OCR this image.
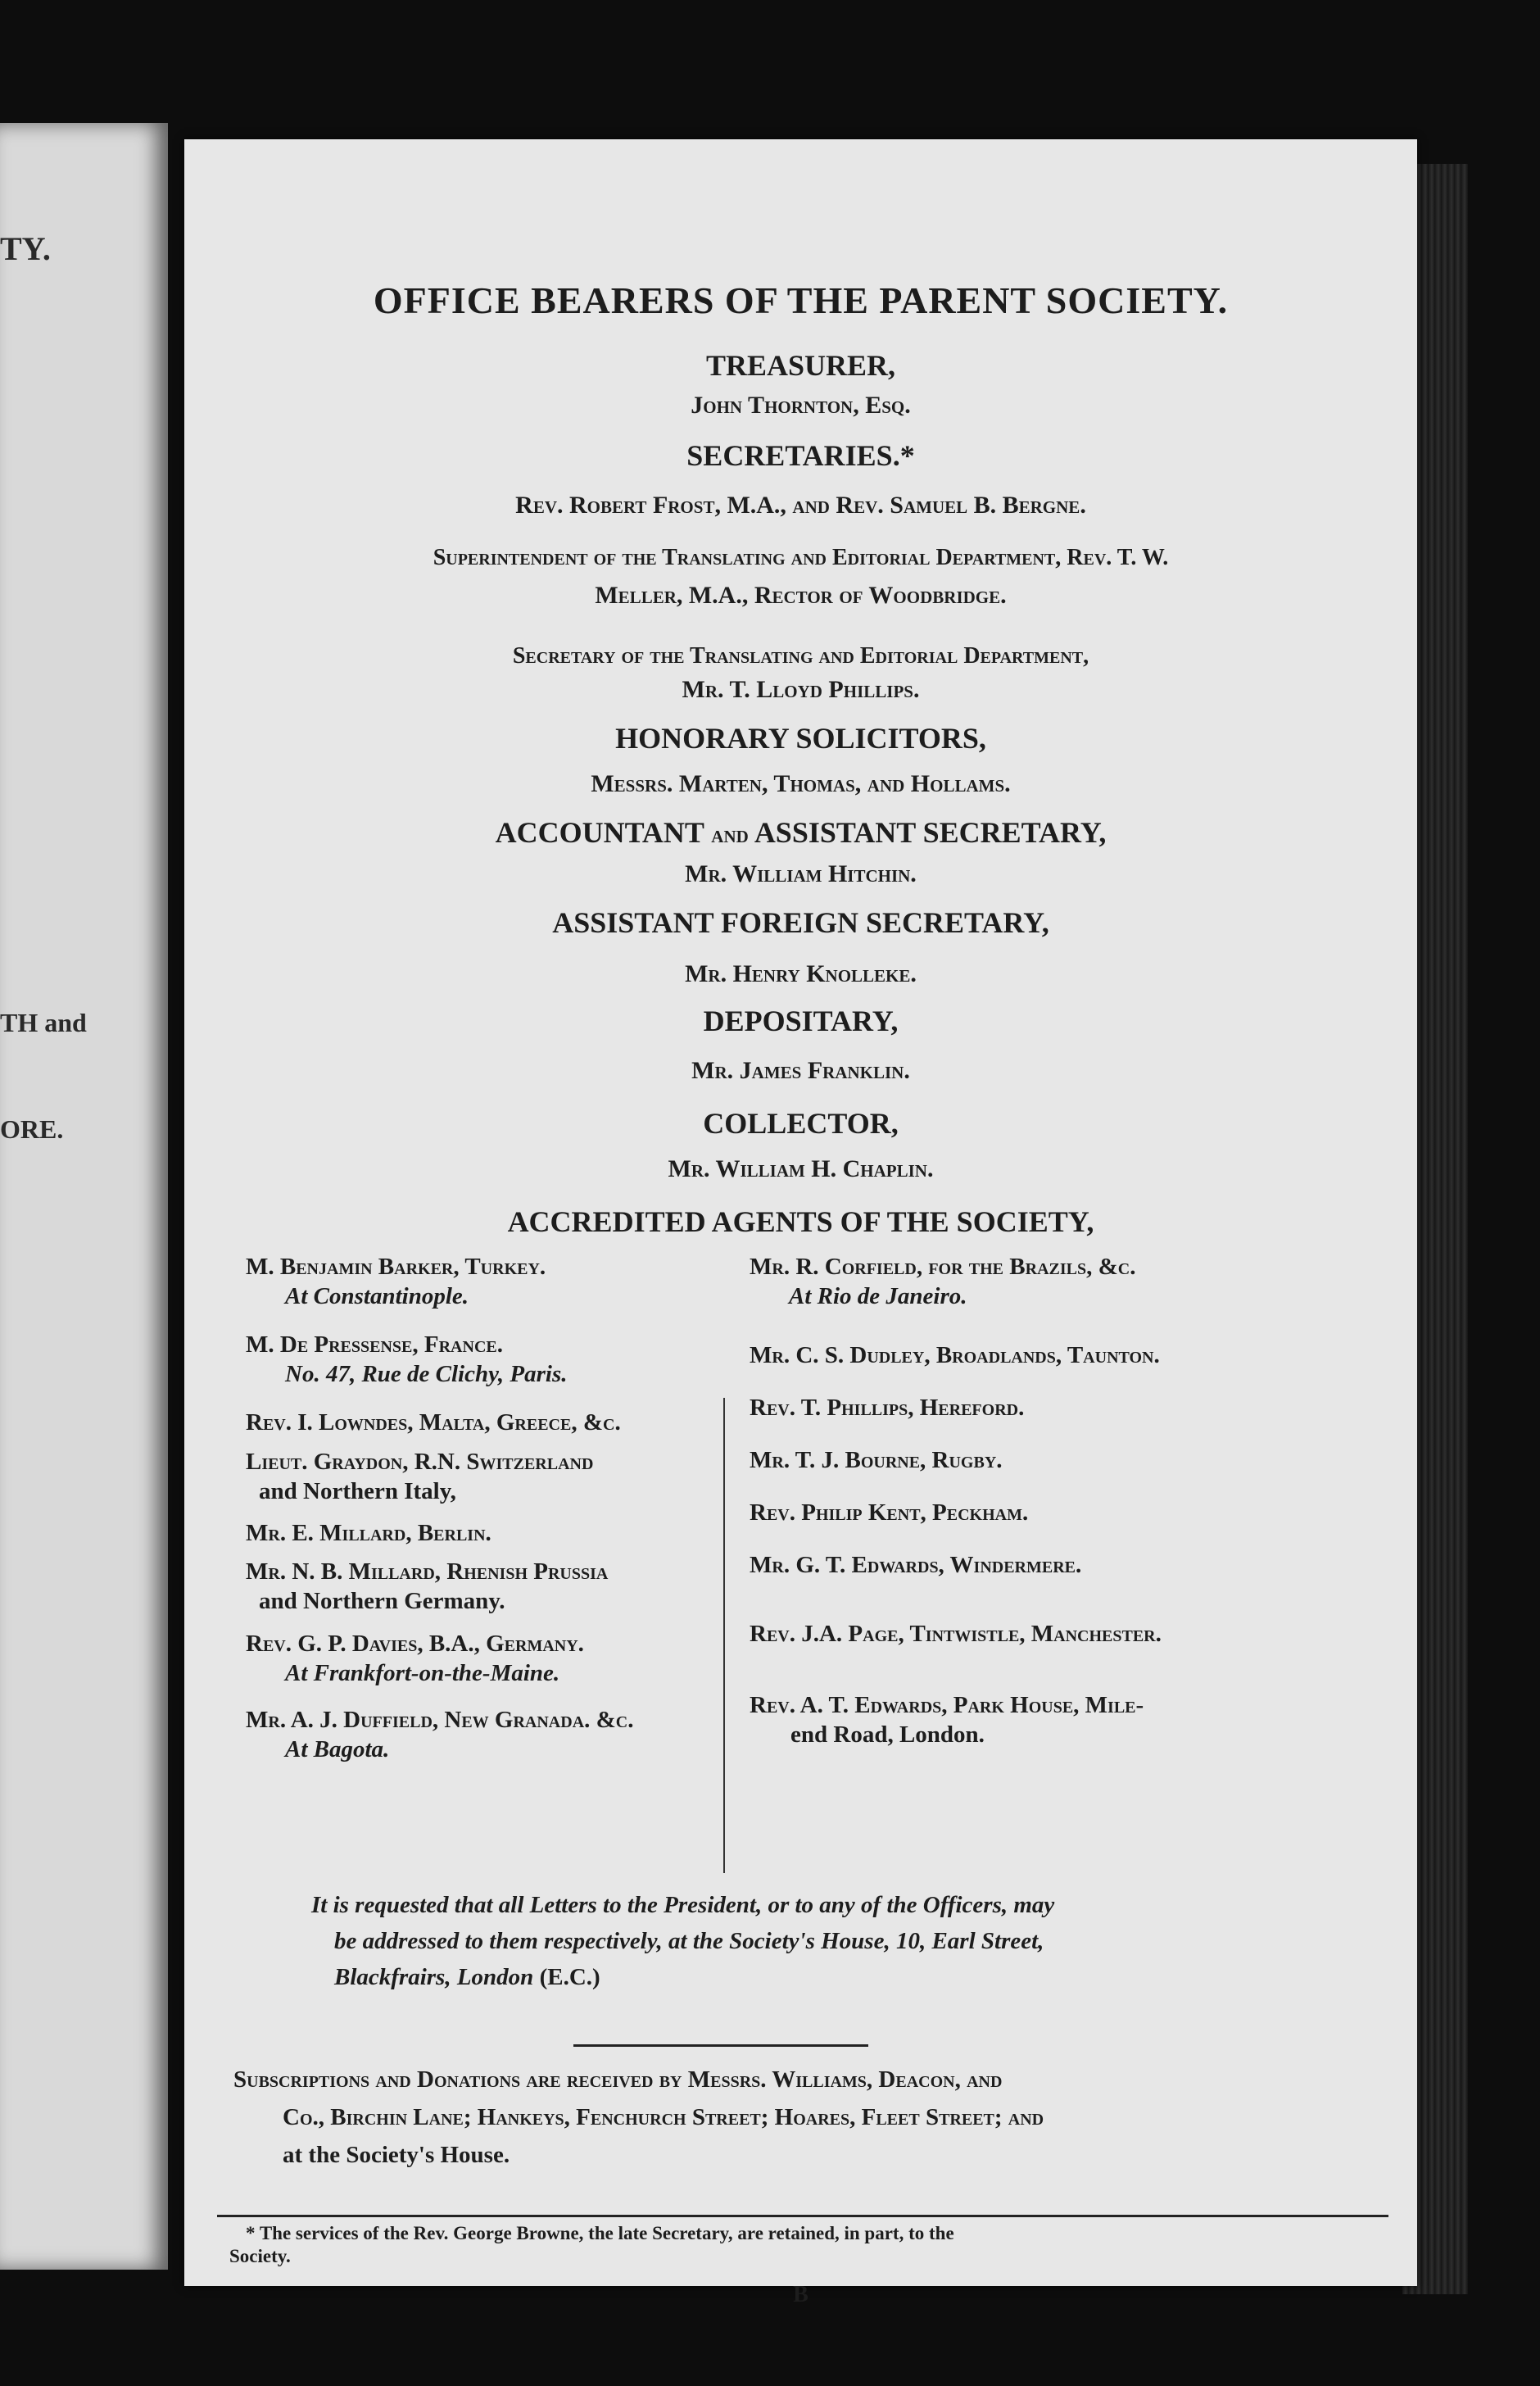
TY.
TH and
ORE.
OFFICE BEARERS OF THE PARENT SOCIETY.
TREASURER,
John Thornton, Esq.
SECRETARIES.*
Rev. Robert Frost, M.A., and Rev. Samuel B. Bergne.
Superintendent of the Translating and Editorial Department, Rev. T. W.
Meller, M.A., Rector of Woodbridge.
Secretary of the Translating and Editorial Department,
Mr. T. Lloyd Phillips.
HONORARY SOLICITORS,
Messrs. Marten, Thomas, and Hollams.
ACCOUNTANT and ASSISTANT SECRETARY,
Mr. William Hitchin.
ASSISTANT FOREIGN SECRETARY,
Mr. Henry Knolleke.
DEPOSITARY,
Mr. James Franklin.
COLLECTOR,
Mr. William H. Chaplin.
ACCREDITED AGENTS OF THE SOCIETY,
M. Benjamin Barker, Turkey.
At Constantinople.
M. De Pressense, France.
No. 47, Rue de Clichy, Paris.
Rev. I. Lowndes, Malta, Greece, &c.
Lieut. Graydon, R.N. Switzerland
and Northern Italy,
Mr. E. Millard, Berlin.
Mr. N. B. Millard, Rhenish Prussia
and Northern Germany.
Rev. G. P. Davies, B.A., Germany.
At Frankfort-on-the-Maine.
Mr. A. J. Duffield, New Granada. &c.
At Bagota.
Mr. R. Corfield, for the Brazils, &c.
At Rio de Janeiro.
Mr. C. S. Dudley, Broadlands, Taunton.
Rev. T. Phillips, Hereford.
Mr. T. J. Bourne, Rugby.
Rev. Philip Kent, Peckham.
Mr. G. T. Edwards, Windermere.
Rev. J.A. Page, Tintwistle, Manchester.
Rev. A. T. Edwards, Park House, Mile-
end Road, London.
It is requested that all Letters to the President, or to any of the Officers, may
be addressed to them respectively, at the Society's House, 10, Earl Street,
Blackfrairs, London (E.C.)
Subscriptions and Donations are received by Messrs. Williams, Deacon, and
Co., Birchin Lane; Hankeys, Fenchurch Street; Hoares, Fleet Street; and
at the Society's House.
* The services of the Rev. George Browne, the late Secretary, are retained, in part, to the
Society.
B
